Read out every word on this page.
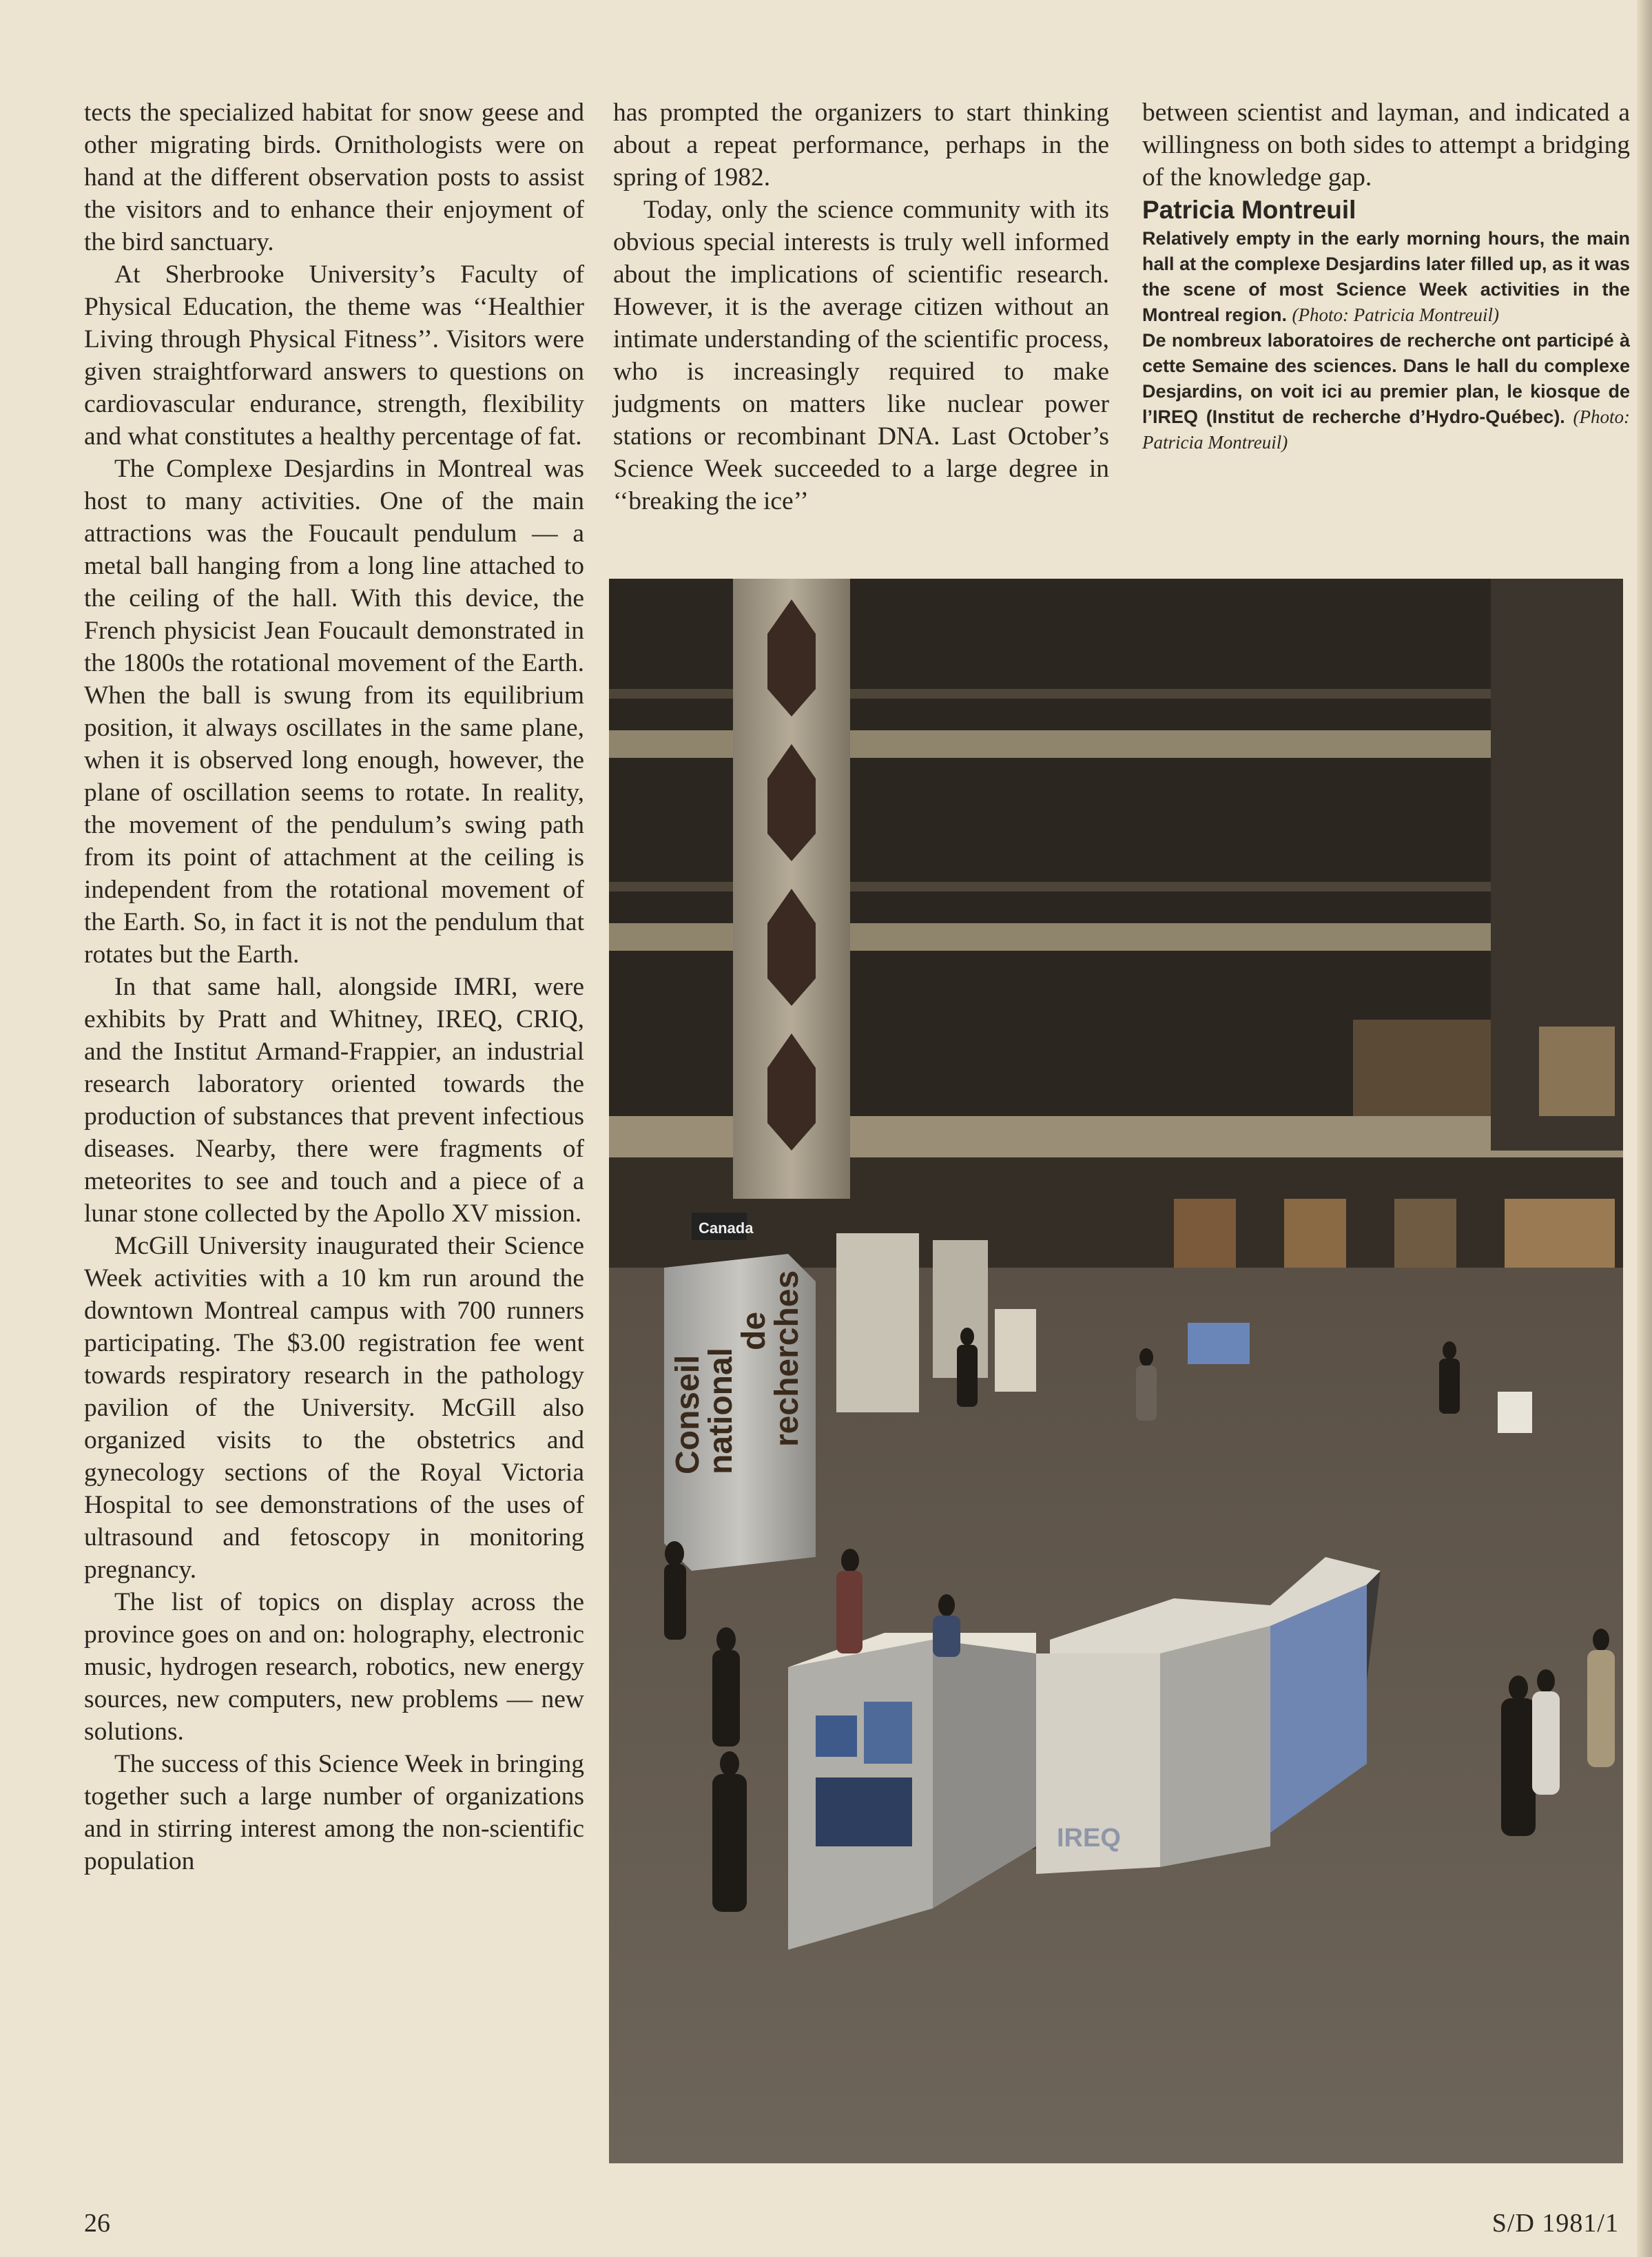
tects the specialized habitat for snow geese and other migrating birds. Ornithologists were on hand at the different observation posts to assist the visitors and to enhance their enjoyment of the bird sanctuary.

At Sherbrooke University’s Faculty of Physical Education, the theme was ‘‘Healthier Living through Physical Fitness’’. Visitors were given straightforward answers to questions on cardiovascular endurance, strength, flexibility and what constitutes a healthy percentage of fat.

The Complexe Desjardins in Montreal was host to many activities. One of the main attractions was the Foucault pendulum — a metal ball hanging from a long line attached to the ceiling of the hall. With this device, the French physicist Jean Foucault demonstrated in the 1800s the rotational movement of the Earth. When the ball is swung from its equilibrium position, it always oscillates in the same plane, when it is observed long enough, however, the plane of oscillation seems to rotate. In reality, the movement of the pendulum’s swing path from its point of attachment at the ceiling is independent from the rotational movement of the Earth. So, in fact it is not the pendulum that rotates but the Earth.

In that same hall, alongside IMRI, were exhibits by Pratt and Whitney, IREQ, CRIQ, and the Institut Armand-Frappier, an industrial research laboratory oriented towards the production of substances that prevent infectious diseases. Nearby, there were fragments of meteorites to see and touch and a piece of a lunar stone collected by the Apollo XV mission.

McGill University inaugurated their Science Week activities with a 10 km run around the downtown Montreal campus with 700 runners participating. The $3.00 registration fee went towards respiratory research in the pathology pavilion of the University. McGill also organized visits to the obstetrics and gynecology sections of the Royal Victoria Hospital to see demonstrations of the uses of ultrasound and fetoscopy in monitoring pregnancy.

The list of topics on display across the province goes on and on: holography, electronic music, hydrogen research, robotics, new energy sources, new computers, new problems — new solutions.

The success of this Science Week in bringing together such a large number of organizations and in stirring interest among the non-scientific population

has prompted the organizers to start thinking about a repeat performance, perhaps in the spring of 1982.

Today, only the science community with its obvious special interests is truly well informed about the implications of scientific research. However, it is the average citizen without an intimate understanding of the scientific process, who is increasingly required to make judgments on matters like nuclear power stations or recombinant DNA. Last October’s Science Week succeeded to a large degree in ‘‘breaking the ice’’

between scientist and layman, and indicated a willingness on both sides to attempt a bridging of the knowledge gap.

Patricia Montreuil

Relatively empty in the early morning hours, the main hall at the complexe Desjardins later filled up, as it was the scene of most Science Week activities in the Montreal region. (Photo: Patricia Montreuil)

De nombreux laboratoires de recherche ont participé à cette Semaine des sciences. Dans le hall du complexe Desjardins, on voit ici au premier plan, le kiosque de l’IREQ (Institut de recherche d’Hydro-Québec). (Photo: Patricia Montreuil)

Canada
Conseil
national
de
recherches
IREQ
26	S/D 1981/1
